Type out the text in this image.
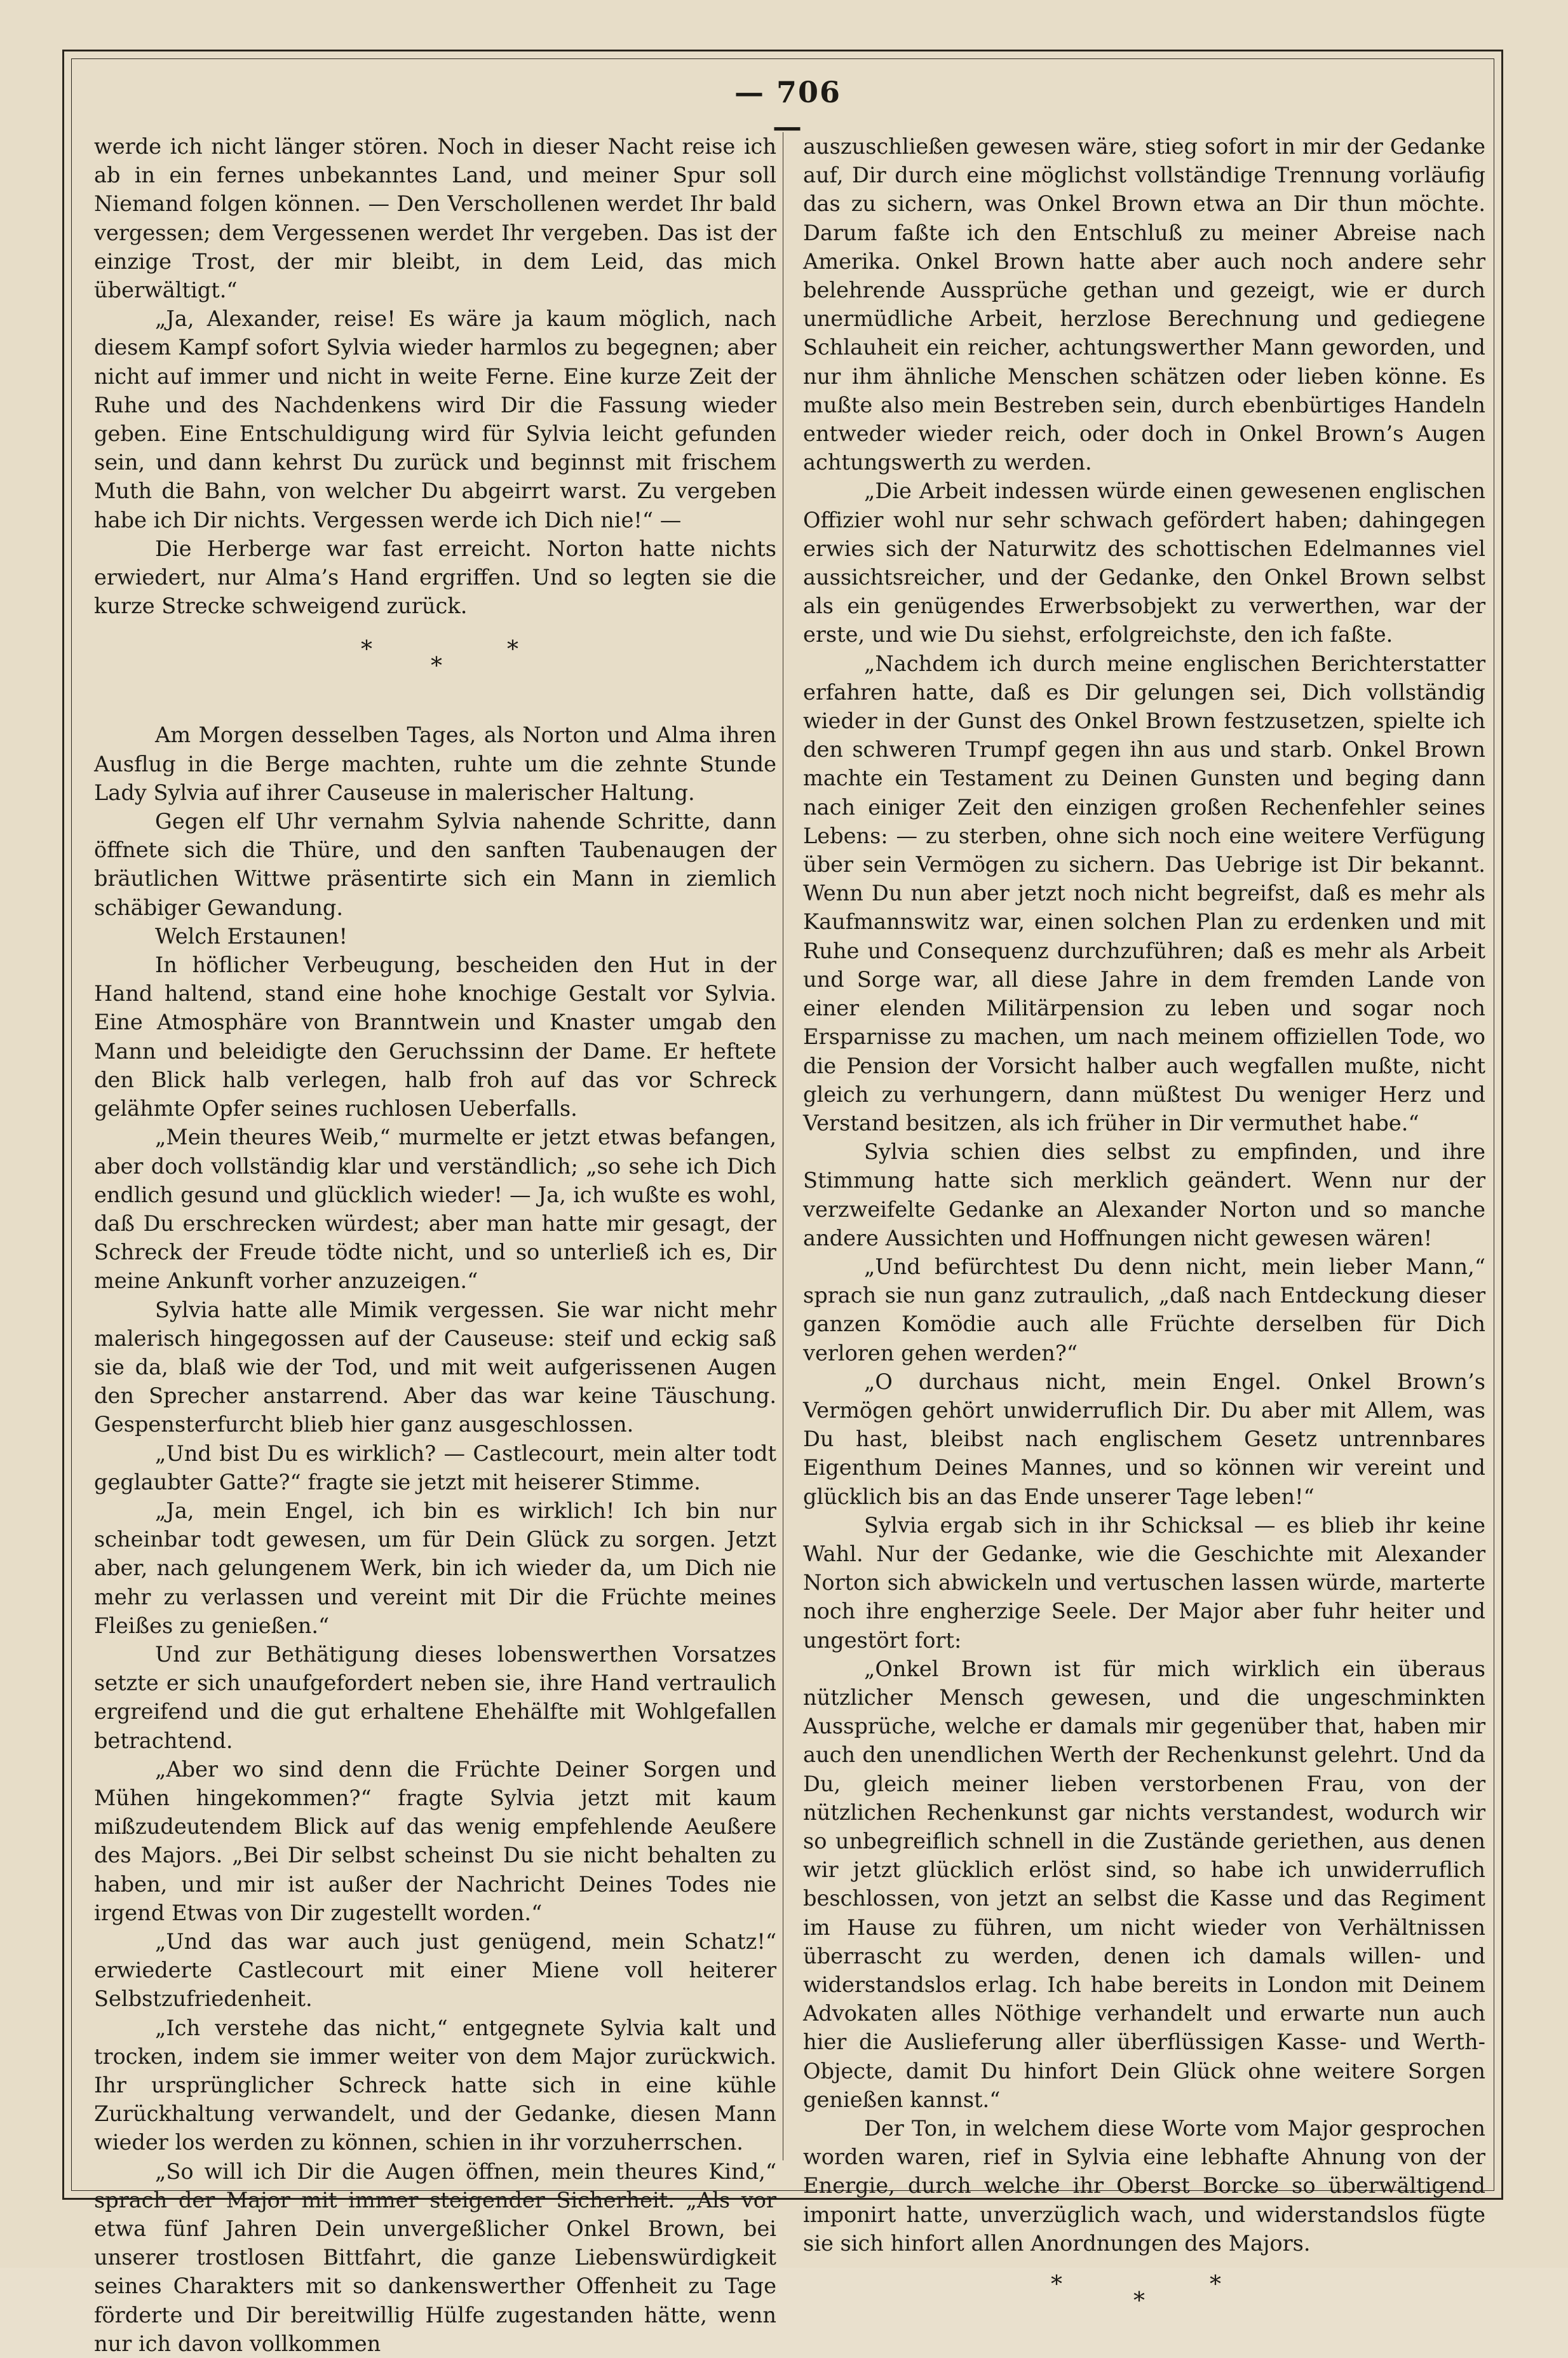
— 706 —

werde ich nicht länger stören. Noch in dieser Nacht reise ich ab in ein fernes unbekanntes Land, und meiner Spur soll Niemand folgen können. — Den Verschollenen werdet Ihr bald vergessen; dem Vergessenen werdet Ihr vergeben. Das ist der einzige Trost, der mir bleibt, in dem Leid, das mich überwältigt.“

„Ja, Alexander, reise! Es wäre ja kaum möglich, nach diesem Kampf sofort Sylvia wieder harmlos zu begegnen; aber nicht auf immer und nicht in weite Ferne. Eine kurze Zeit der Ruhe und des Nachdenkens wird Dir die Fassung wieder geben. Eine Entschuldigung wird für Sylvia leicht gefunden sein, und dann kehrst Du zurück und beginnst mit frischem Muth die Bahn, von welcher Du abgeirrt warst. Zu vergeben habe ich Dir nichts. Vergessen werde ich Dich nie!“ —

Die Herberge war fast erreicht. Norton hatte nichts erwiedert, nur Alma’s Hand ergriffen. Und so legten sie die kurze Strecke schweigend zurück.

*
*
*

Am Morgen desselben Tages, als Norton und Alma ihren Ausflug in die Berge machten, ruhte um die zehnte Stunde Lady Sylvia auf ihrer Causeuse in malerischer Haltung.

Gegen elf Uhr vernahm Sylvia nahende Schritte, dann öffnete sich die Thüre, und den sanften Taubenaugen der bräutlichen Wittwe präsentirte sich ein Mann in ziemlich schäbiger Gewandung.

Welch Erstaunen!

In höflicher Verbeugung, bescheiden den Hut in der Hand haltend, stand eine hohe knochige Gestalt vor Sylvia. Eine Atmosphäre von Branntwein und Knaster umgab den Mann und beleidigte den Geruchssinn der Dame. Er heftete den Blick halb verlegen, halb froh auf das vor Schreck gelähmte Opfer seines ruchlosen Ueberfalls.

„Mein theures Weib,“ murmelte er jetzt etwas befangen, aber doch vollständig klar und verständlich; „so sehe ich Dich endlich gesund und glücklich wieder! — Ja, ich wußte es wohl, daß Du erschrecken würdest; aber man hatte mir gesagt, der Schreck der Freude tödte nicht, und so unterließ ich es, Dir meine Ankunft vorher anzuzeigen.“

Sylvia hatte alle Mimik vergessen. Sie war nicht mehr malerisch hingegossen auf der Causeuse: steif und eckig saß sie da, blaß wie der Tod, und mit weit aufgerissenen Augen den Sprecher anstarrend. Aber das war keine Täuschung. Gespensterfurcht blieb hier ganz ausgeschlossen.

„Und bist Du es wirklich? — Castlecourt, mein alter todt geglaubter Gatte?“ fragte sie jetzt mit heiserer Stimme.

„Ja, mein Engel, ich bin es wirklich! Ich bin nur scheinbar todt gewesen, um für Dein Glück zu sorgen. Jetzt aber, nach gelungenem Werk, bin ich wieder da, um Dich nie mehr zu verlassen und vereint mit Dir die Früchte meines Fleißes zu genießen.“

Und zur Bethätigung dieses lobenswerthen Vorsatzes setzte er sich unaufgefordert neben sie, ihre Hand vertraulich ergreifend und die gut erhaltene Ehehälfte mit Wohlgefallen betrachtend.

„Aber wo sind denn die Früchte Deiner Sorgen und Mühen hingekommen?“ fragte Sylvia jetzt mit kaum mißzudeutendem Blick auf das wenig empfehlende Aeußere des Majors. „Bei Dir selbst scheinst Du sie nicht behalten zu haben, und mir ist außer der Nachricht Deines Todes nie irgend Etwas von Dir zugestellt worden.“

„Und das war auch just genügend, mein Schatz!“ erwiederte Castlecourt mit einer Miene voll heiterer Selbstzufriedenheit.

„Ich verstehe das nicht,“ entgegnete Sylvia kalt und trocken, indem sie immer weiter von dem Major zurückwich. Ihr ursprünglicher Schreck hatte sich in eine kühle Zurückhaltung verwandelt, und der Gedanke, diesen Mann wieder los werden zu können, schien in ihr vorzuherrschen.

„So will ich Dir die Augen öffnen, mein theures Kind,“ sprach der Major mit immer steigender Sicherheit. „Als vor etwa fünf Jahren Dein unvergeßlicher Onkel Brown, bei unserer trostlosen Bittfahrt, die ganze Liebenswürdigkeit seines Charakters mit so dankenswerther Offenheit zu Tage förderte und Dir bereitwillig Hülfe zugestanden hätte, wenn nur ich davon vollkommen

auszuschließen gewesen wäre, stieg sofort in mir der Gedanke auf, Dir durch eine möglichst vollständige Trennung vorläufig das zu sichern, was Onkel Brown etwa an Dir thun möchte. Darum faßte ich den Entschluß zu meiner Abreise nach Amerika. Onkel Brown hatte aber auch noch andere sehr belehrende Aussprüche gethan und gezeigt, wie er durch unermüdliche Arbeit, herzlose Berechnung und gediegene Schlauheit ein reicher, achtungswerther Mann geworden, und nur ihm ähnliche Menschen schätzen oder lieben könne. Es mußte also mein Bestreben sein, durch ebenbürtiges Handeln entweder wieder reich, oder doch in Onkel Brown’s Augen achtungswerth zu werden.

„Die Arbeit indessen würde einen gewesenen englischen Offizier wohl nur sehr schwach gefördert haben; dahingegen erwies sich der Naturwitz des schottischen Edelmannes viel aussichtsreicher, und der Gedanke, den Onkel Brown selbst als ein genügendes Erwerbsobjekt zu verwerthen, war der erste, und wie Du siehst, erfolgreichste, den ich faßte.

„Nachdem ich durch meine englischen Berichterstatter erfahren hatte, daß es Dir gelungen sei, Dich vollständig wieder in der Gunst des Onkel Brown festzusetzen, spielte ich den schweren Trumpf gegen ihn aus und starb. Onkel Brown machte ein Testament zu Deinen Gunsten und beging dann nach einiger Zeit den einzigen großen Rechenfehler seines Lebens: — zu sterben, ohne sich noch eine weitere Verfügung über sein Vermögen zu sichern. Das Uebrige ist Dir bekannt. Wenn Du nun aber jetzt noch nicht begreifst, daß es mehr als Kaufmannswitz war, einen solchen Plan zu erdenken und mit Ruhe und Consequenz durchzuführen; daß es mehr als Arbeit und Sorge war, all diese Jahre in dem fremden Lande von einer elenden Militärpension zu leben und sogar noch Ersparnisse zu machen, um nach meinem offiziellen Tode, wo die Pension der Vorsicht halber auch wegfallen mußte, nicht gleich zu verhungern, dann müßtest Du weniger Herz und Verstand besitzen, als ich früher in Dir vermuthet habe.“

Sylvia schien dies selbst zu empfinden, und ihre Stimmung hatte sich merklich geändert. Wenn nur der verzweifelte Gedanke an Alexander Norton und so manche andere Aussichten und Hoffnungen nicht gewesen wären!

„Und befürchtest Du denn nicht, mein lieber Mann,“ sprach sie nun ganz zutraulich, „daß nach Entdeckung dieser ganzen Komödie auch alle Früchte derselben für Dich verloren gehen werden?“

„O durchaus nicht, mein Engel. Onkel Brown’s Vermögen gehört unwiderruflich Dir. Du aber mit Allem, was Du hast, bleibst nach englischem Gesetz untrennbares Eigenthum Deines Mannes, und so können wir vereint und glücklich bis an das Ende unserer Tage leben!“

Sylvia ergab sich in ihr Schicksal — es blieb ihr keine Wahl. Nur der Gedanke, wie die Geschichte mit Alexander Norton sich abwickeln und vertuschen lassen würde, marterte noch ihre engherzige Seele. Der Major aber fuhr heiter und ungestört fort:

„Onkel Brown ist für mich wirklich ein überaus nützlicher Mensch gewesen, und die ungeschminkten Aussprüche, welche er damals mir gegenüber that, haben mir auch den unendlichen Werth der Rechenkunst gelehrt. Und da Du, gleich meiner lieben verstorbenen Frau, von der nützlichen Rechenkunst gar nichts verstandest, wodurch wir so unbegreiflich schnell in die Zustände geriethen, aus denen wir jetzt glücklich erlöst sind, so habe ich unwiderruflich beschlossen, von jetzt an selbst die Kasse und das Regiment im Hause zu führen, um nicht wieder von Verhältnissen überrascht zu werden, denen ich damals willen- und widerstandslos erlag. Ich habe bereits in London mit Deinem Advokaten alles Nöthige verhandelt und erwarte nun auch hier die Auslieferung aller überflüssigen Kasse- und Werth-Objecte, damit Du hinfort Dein Glück ohne weitere Sorgen genießen kannst.“

Der Ton, in welchem diese Worte vom Major gesprochen worden waren, rief in Sylvia eine lebhafte Ahnung von der Energie, durch welche ihr Oberst Borcke so überwältigend imponirt hatte, unverzüglich wach, und widerstandslos fügte sie sich hinfort allen Anordnungen des Majors.

*
*
*
